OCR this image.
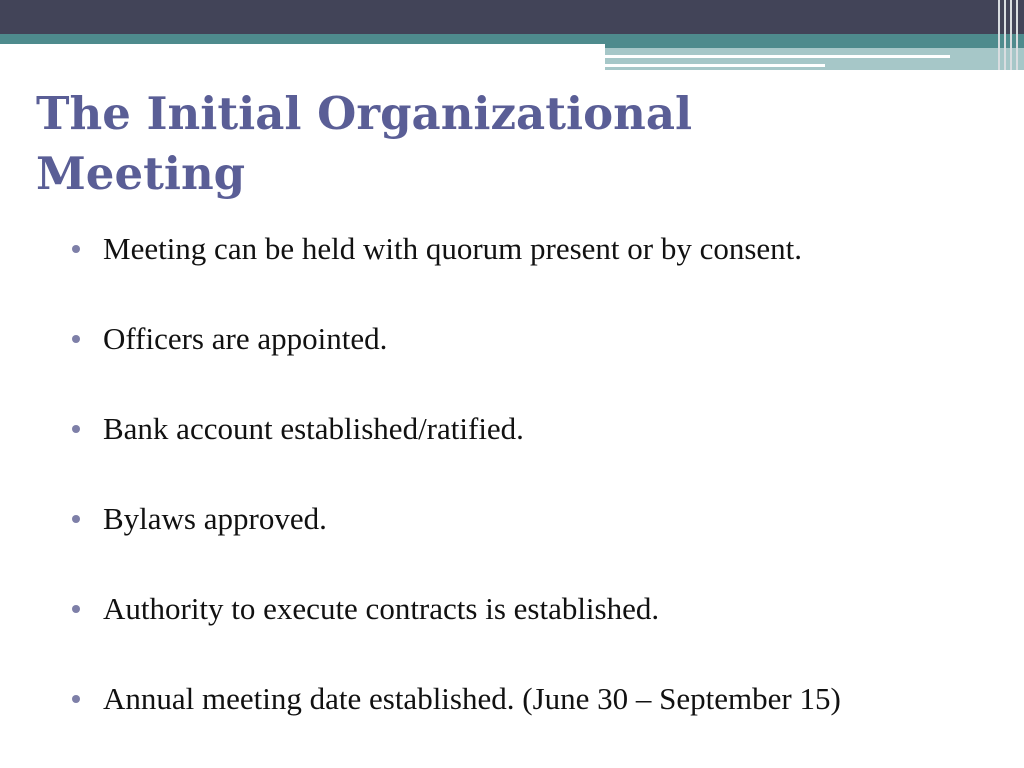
The Initial Organizational Meeting
Meeting can be held with quorum present or by consent.
Officers are appointed.
Bank account established/ratified.
Bylaws approved.
Authority to execute contracts is established.
Annual meeting date established. (June 30 – September 15)
